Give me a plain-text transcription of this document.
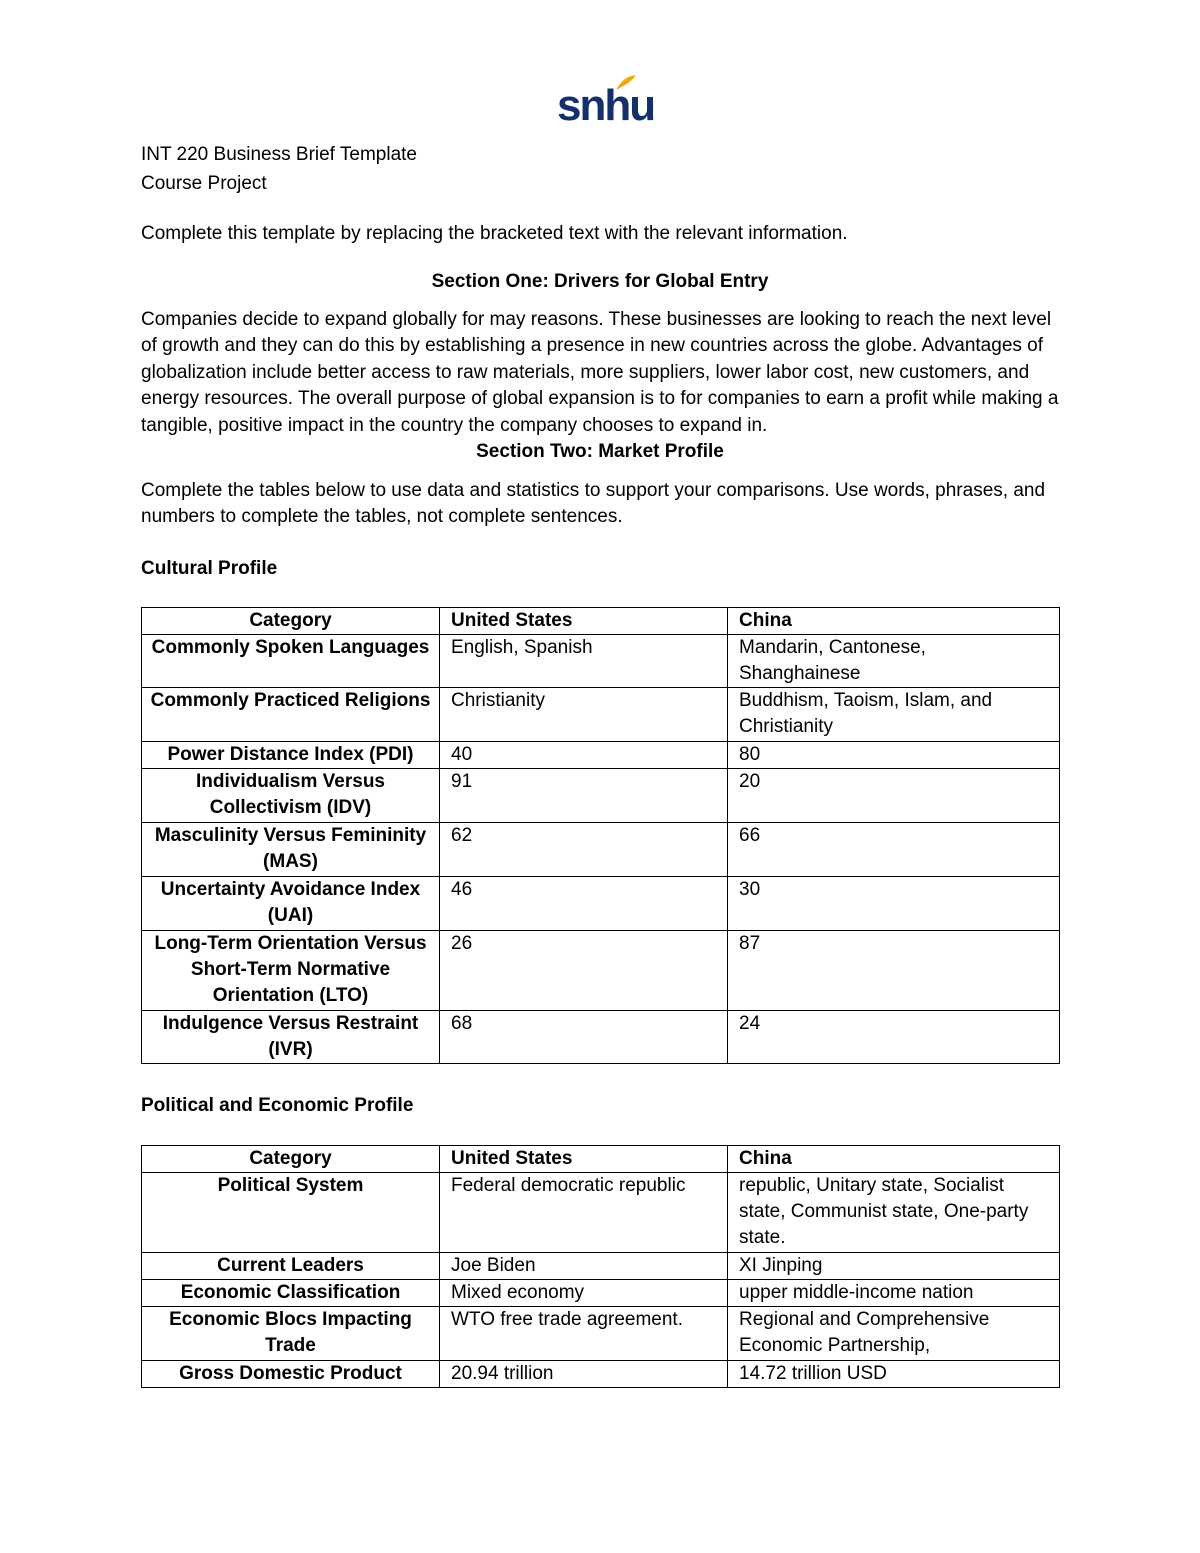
snhu
INT 220 Business Brief Template
Course Project
Complete this template by replacing the bracketed text with the relevant information.
Section One: Drivers for Global Entry
Companies decide to expand globally for may reasons. These businesses are looking to reach the next level of growth and they can do this by establishing a presence in new countries across the globe. Advantages of globalization include better access to raw materials, more suppliers, lower labor cost, new customers, and energy resources. The overall purpose of global expansion is to for companies to earn a profit while making a tangible, positive impact in the country the company chooses to expand in.
Section Two: Market Profile
Complete the tables below to use data and statistics to support your comparisons. Use words, phrases, and numbers to complete the tables, not complete sentences.
Cultural Profile
Category	United States	China
Commonly Spoken Languages	English, Spanish	Mandarin, Cantonese, Shanghainese
Commonly Practiced Religions	Christianity	Buddhism, Taoism, Islam, and Christianity
Power Distance Index (PDI)	40	80
Individualism Versus Collectivism (IDV)	91	20
Masculinity Versus Femininity (MAS)	62	66
Uncertainty Avoidance Index (UAI)	46	30
Long-Term Orientation Versus Short-Term Normative Orientation (LTO)	26	87
Indulgence Versus Restraint (IVR)	68	24
Political and Economic Profile
Category	United States	China
Political System	Federal democratic republic	republic, Unitary state, Socialist state, Communist state, One-party state.
Current Leaders	Joe Biden	XI Jinping
Economic Classification	Mixed economy	upper middle-income nation
Economic Blocs Impacting Trade	WTO free trade agreement.	Regional and Comprehensive Economic Partnership,
Gross Domestic Product	20.94 trillion	14.72 trillion USD
